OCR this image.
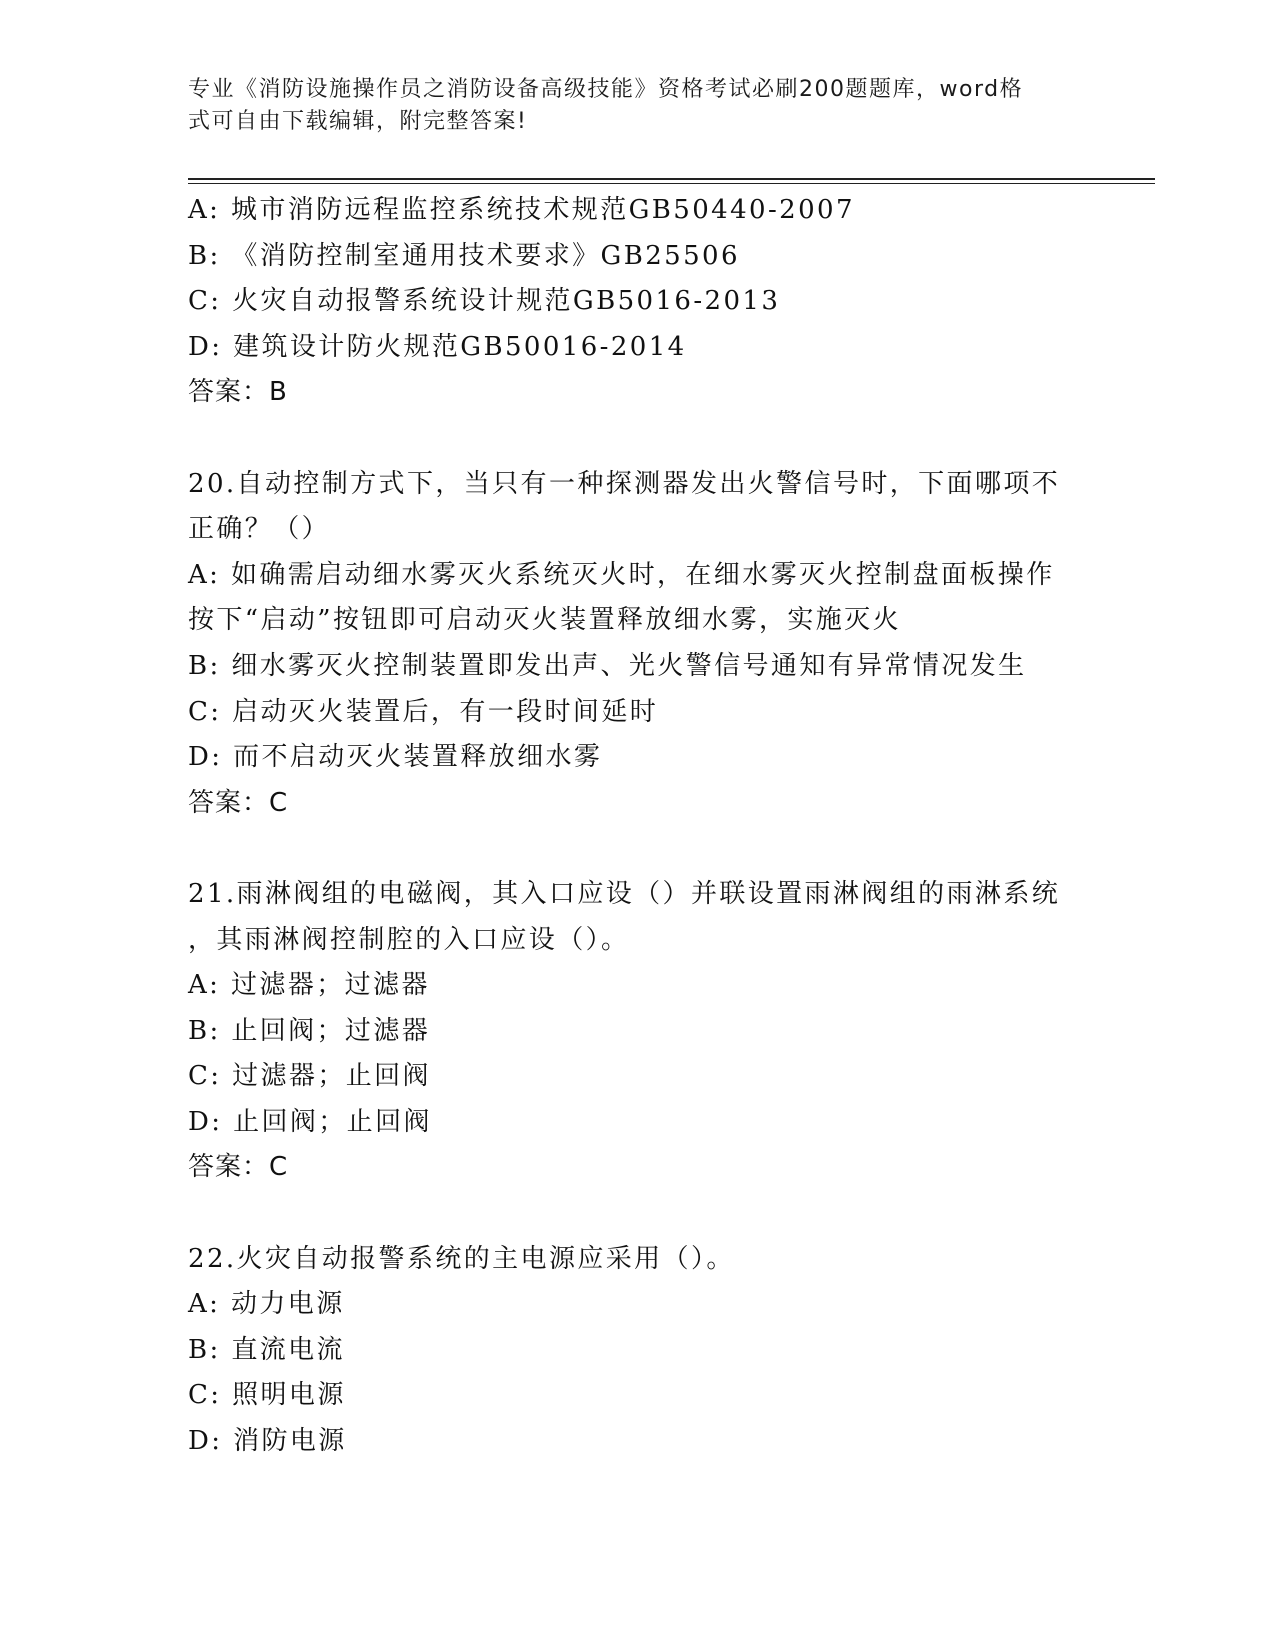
专业《消防设施操作员之消防设备高级技能》资格考试必刷200题题库，word格
式可自由下载编辑，附完整答案!
A: 城市消防远程监控系统技术规范GB50440-2007
B: 《消防控制室通用技术要求》GB25506
C: 火灾自动报警系统设计规范GB5016-2013
D: 建筑设计防火规范GB50016-2014
答案：B
20.自动控制方式下，当只有一种探测器发出火警信号时，下面哪项不
正确？（）
A: 如确需启动细水雾灭火系统灭火时，在细水雾灭火控制盘面板操作
按下“启动”按钮即可启动灭火装置释放细水雾，实施灭火
B: 细水雾灭火控制装置即发出声、光火警信号通知有异常情况发生
C: 启动灭火装置后，有一段时间延时
D: 而不启动灭火装置释放细水雾
答案：C
21.雨淋阀组的电磁阀，其入口应设（）并联设置雨淋阀组的雨淋系统
，其雨淋阀控制腔的入口应设（）。
A: 过滤器；过滤器
B: 止回阀；过滤器
C: 过滤器；止回阀
D: 止回阀；止回阀
答案：C
22.火灾自动报警系统的主电源应采用（）。
A: 动力电源
B: 直流电流
C: 照明电源
D: 消防电源
